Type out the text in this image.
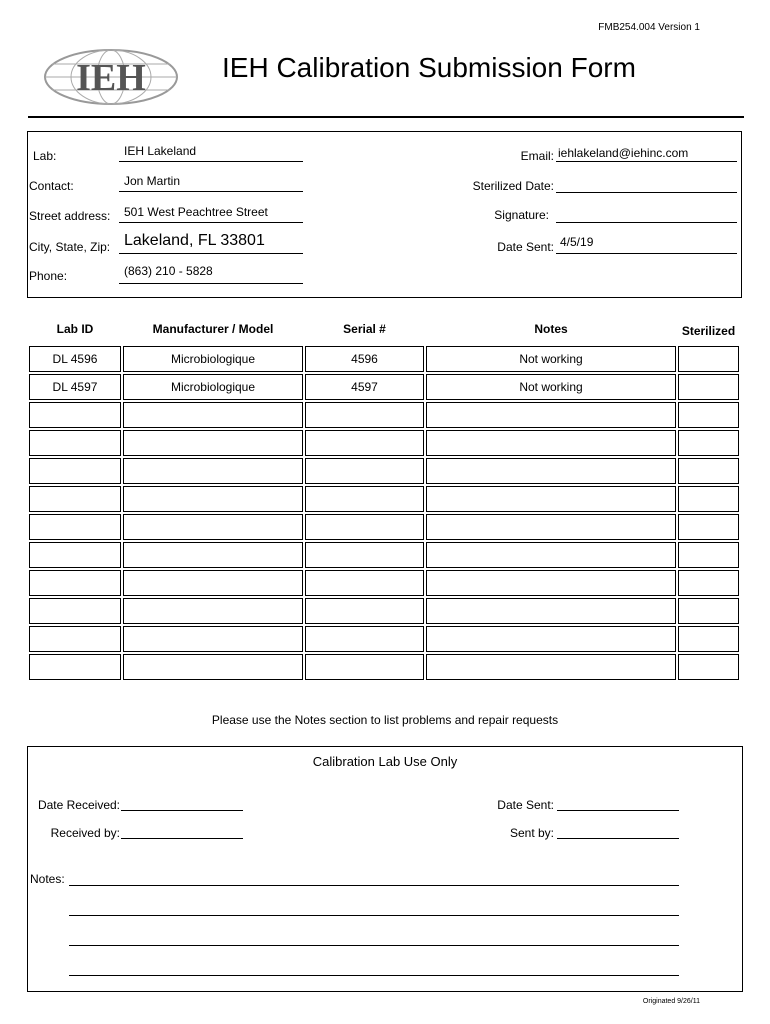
FMB254.004 Version 1
IEH	IEH Calibration Submission Form
Lab:	IEH Lakeland
Contact:	Jon Martin
Street address: 501 West Peachtree Street
City, State, Zip: Lakeland, FL 33801
Phone:	(863) 210 - 5828
Email: iehlakeland@iehinc.com
Sterilized Date:
Signature:
Date Sent: 4/5/19
Lab ID	Manufacturer / Model	Serial #	Notes	Sterilized
DL 4596	Microbiologique	4596	Not working	
DL 4597	Microbiologique	4597	Not working	

Please use the Notes section to list problems and repair requests
Calibration Lab Use Only
Date Received:
Received by:
Date Sent:
Sent by:
Notes:
Originated 9/26/11
